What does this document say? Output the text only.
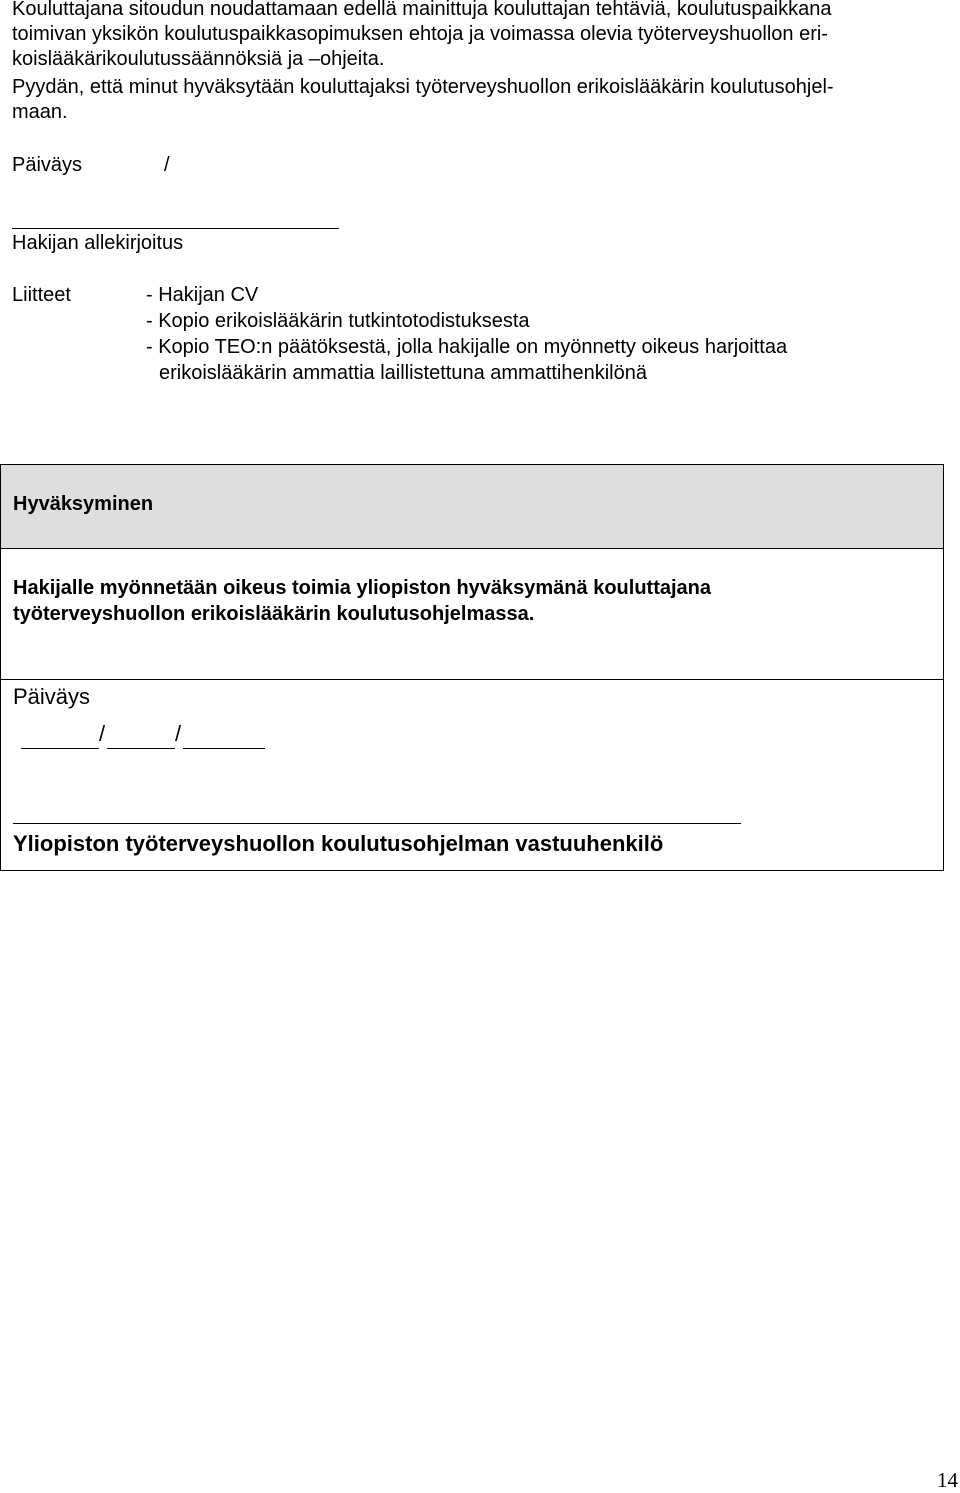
Kouluttajana sitoudun noudattamaan edellä mainittuja kouluttajan tehtäviä, koulutuspaikkana
toimivan yksikön koulutuspaikkasopimuksen ehtoja ja voimassa olevia työterveyshuollon eri-
koislääkärikoulutussäännöksiä ja –ohjeita.
Pyydän, että minut hyväksytään kouluttajaksi työterveyshuollon erikoislääkärin koulutusohjel-
maan.
Päiväys	/
Hakijan allekirjoitus
Liitteet	- Hakijan CV
- Kopio erikoislääkärin tutkintotodistuksesta
- Kopio TEO:n päätöksestä, jolla hakijalle on myönnetty oikeus harjoittaa
erikoislääkärin ammattia laillistettuna ammattihenkilönä
Hyväksyminen
Hakijalle myönnetään oikeus toimia yliopiston hyväksymänä kouluttajana
työterveyshuollon erikoislääkärin koulutusohjelmassa.
Päiväys
/	/
Yliopiston työterveyshuollon koulutusohjelman vastuuhenkilö
14
